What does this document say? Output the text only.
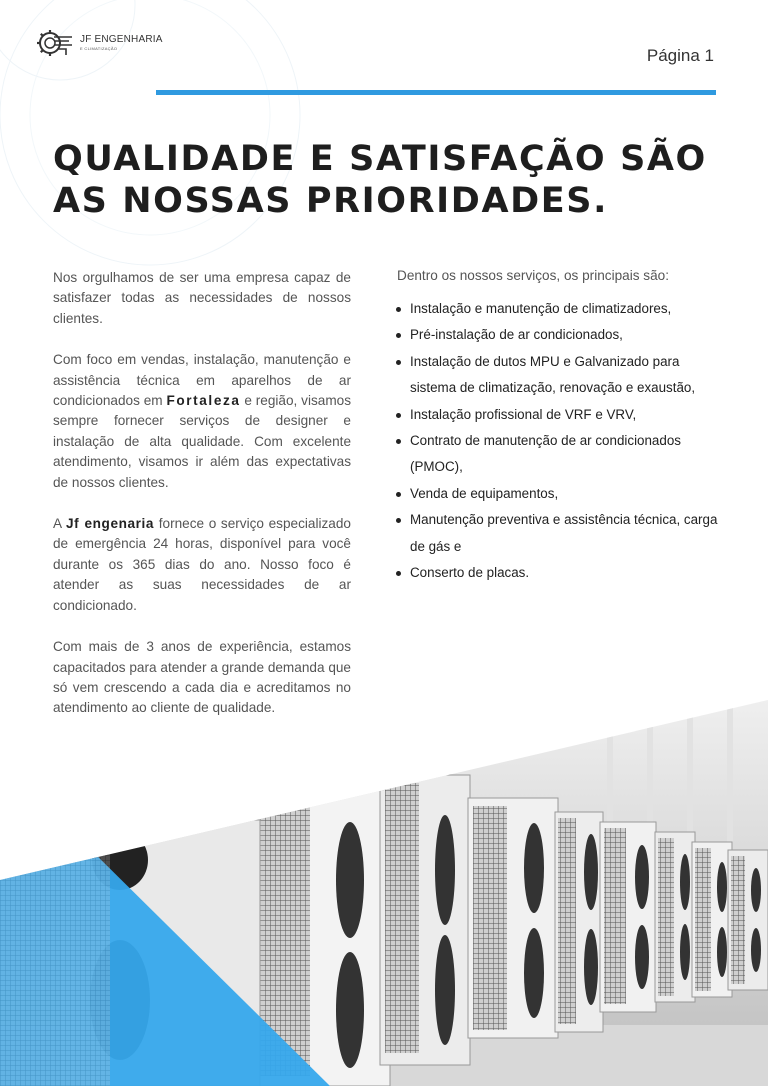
JF ENGENHARIA
E CLIMATIZAÇÃO	Página 1
QUALIDADE E SATISFAÇÃO SÃO
AS NOSSAS PRIORIDADES.

Nos orgulhamos de ser uma empresa capaz de satisfazer todas as necessidades de nossos clientes.

Com foco em vendas, instalação, manutenção e assistência técnica em aparelhos de ar condicionados em Fortaleza e região, visamos sempre fornecer serviços de designer e instalação de alta qualidade. Com excelente atendimento, visamos ir além das expectativas de nossos clientes.

A Jf engenaria fornece o serviço especializado de emergência 24 horas, disponível para você durante os 365 dias do ano. Nosso foco é atender as suas necessidades de ar condicionado.

Com mais de 3 anos de experiência, estamos capacitados para atender a grande demanda que só vem crescendo a cada dia e acreditamos no atendimento ao cliente de qualidade.

Dentro os nossos serviços, os principais são:

Instalação e manutenção de climatizadores,
Pré-instalação de ar condicionados,
Instalação de dutos MPU e Galvanizado para sistema de climatização, renovação e exaustão,
Instalação profissional de VRF e VRV,
Contrato de manutenção de ar condicionados (PMOC),
Venda de equipamentos,
Manutenção preventiva e assistência técnica, carga de gás e
Conserto de placas.
